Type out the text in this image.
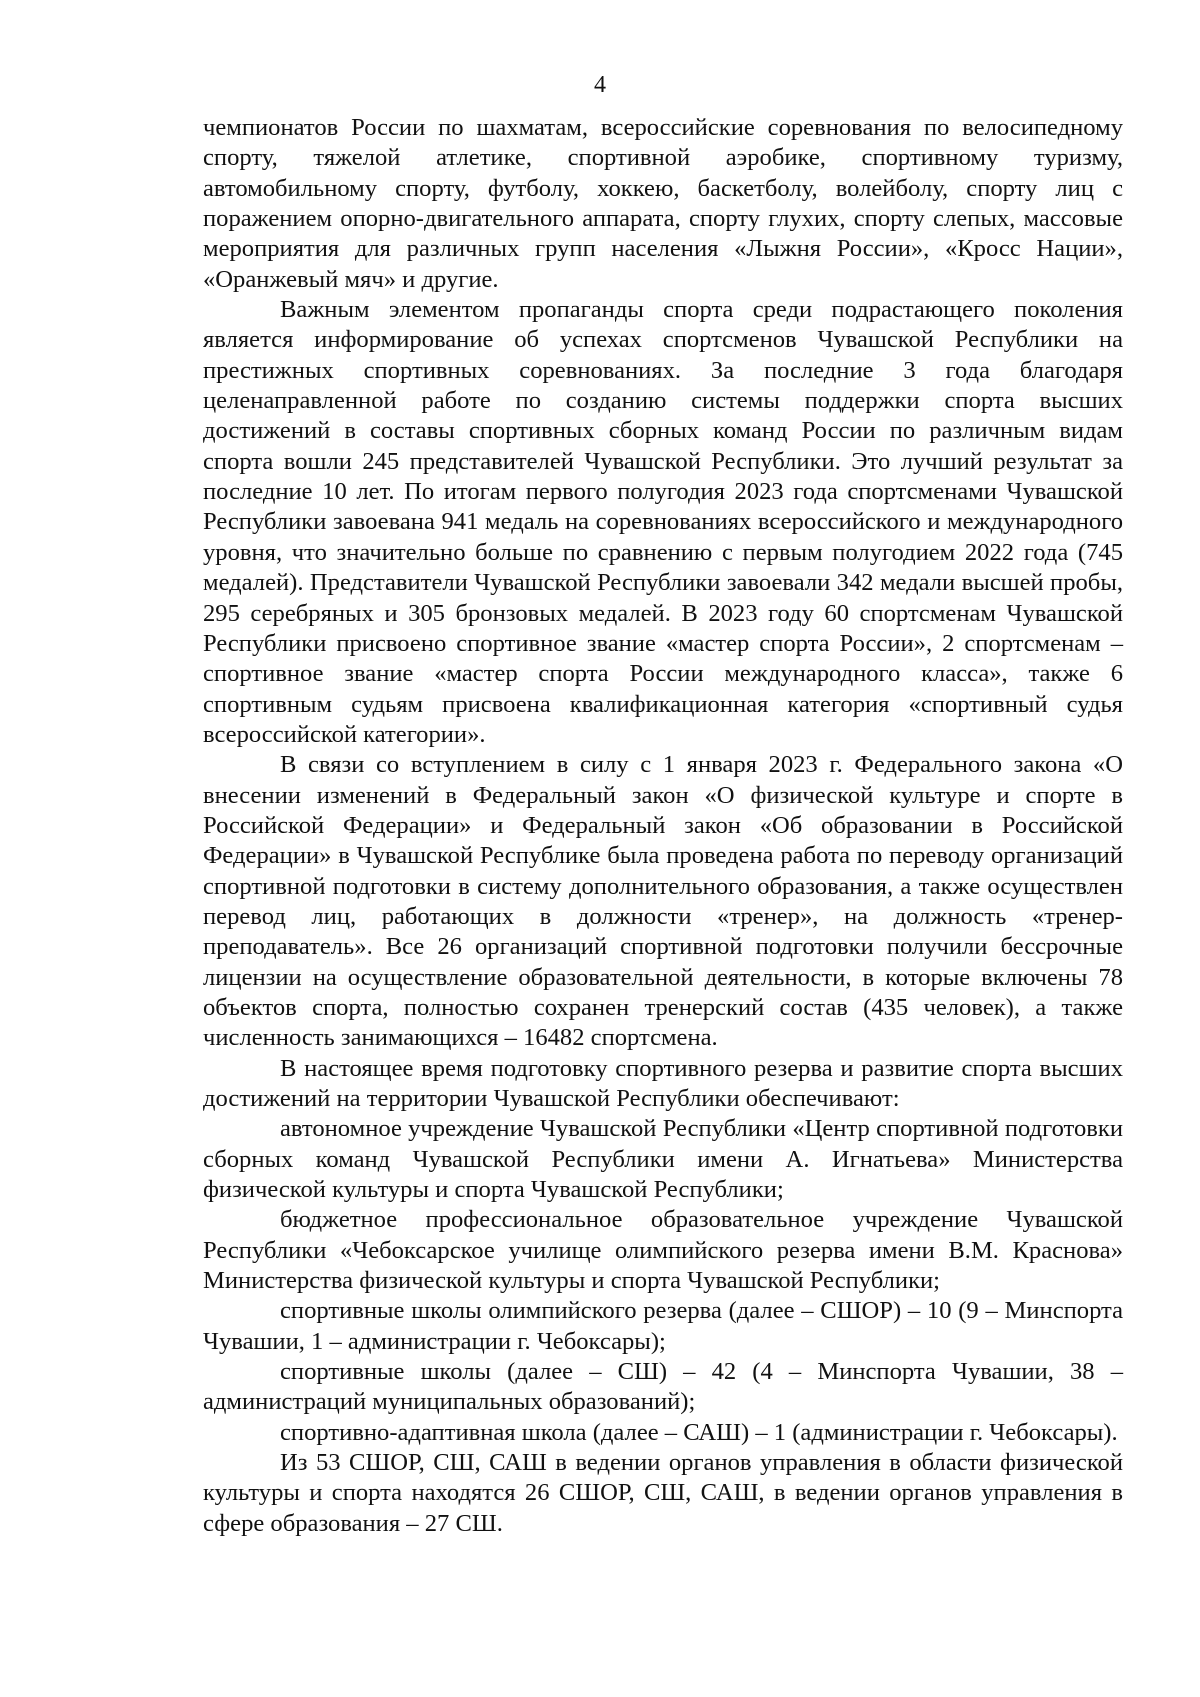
4

чемпионатов России по шахматам, всероссийские соревнования по велосипедному спорту, тяжелой атлетике, спортивной аэробике, спортивному туризму, автомобильному спорту, футболу, хоккею, баскетболу, волейболу, спорту лиц с поражением опорно-двигательного аппарата, спорту глухих, спорту слепых, массовые мероприятия для различных групп населения «Лыжня России», «Кросс Нации», «Оранжевый мяч» и другие.

Важным элементом пропаганды спорта среди подрастающего поколения является информирование об успехах спортсменов Чувашской Республики на престижных спортивных соревнованиях. За последние 3 года благодаря целенаправленной работе по созданию системы поддержки спорта высших достижений в составы спортивных сборных команд России по различным видам спорта вошли 245 представителей Чувашской Республики. Это лучший результат за последние 10 лет. По итогам первого полугодия 2023 года спортсменами Чувашской Республики завоевана 941 медаль на соревнованиях всероссийского и международного уровня, что значительно больше по сравнению с первым полугодием 2022 года (745 медалей). Представители Чувашской Республики завоевали 342 медали высшей пробы, 295 серебряных и 305 бронзовых медалей. В 2023 году 60 спортсменам Чувашской Республики присвоено спортивное звание «мастер спорта России», 2 спортсменам – спортивное звание «мастер спорта России международного класса», также 6 спортивным судьям присвоена квалификационная категория «спортивный судья всероссийской категории».

В связи со вступлением в силу с 1 января 2023 г. Федерального закона «О внесении изменений в Федеральный закон «О физической культуре и спорте в Российской Федерации» и Федеральный закон «Об образовании в Российской Федерации» в Чувашской Республике была проведена работа по переводу организаций спортивной подготовки в систему дополнительного образования, а также осуществлен перевод лиц, работающих в должности «тренер», на должность «тренер-преподаватель». Все 26 организаций спортивной подготовки получили бессрочные лицензии на осуществление образовательной деятельности, в которые включены 78 объектов спорта, полностью сохранен тренерский состав (435 человек), а также численность занимающихся – 16482 спортсмена.

В настоящее время подготовку спортивного резерва и развитие спорта высших достижений на территории Чувашской Республики обеспечивают:

автономное учреждение Чувашской Республики «Центр спортивной подготовки сборных команд Чувашской Республики имени А. Игнатьева» Министерства физической культуры и спорта Чувашской Республики;

бюджетное профессиональное образовательное учреждение Чувашской Республики «Чебоксарское училище олимпийского резерва имени В.М. Краснова» Министерства физической культуры и спорта Чувашской Республики;

спортивные школы олимпийского резерва (далее – СШОР) – 10 (9 – Минспорта Чувашии, 1 – администрации г. Чебоксары);

спортивные школы (далее – СШ) – 42 (4 – Минспорта Чувашии, 38 – администраций муниципальных образований);

спортивно-адаптивная школа (далее – САШ) – 1 (администрации г. Чебоксары).

Из 53 СШОР, СШ, САШ в ведении органов управления в области физической культуры и спорта находятся 26 СШОР, СШ, САШ, в ведении органов управления в сфере образования – 27 СШ.
